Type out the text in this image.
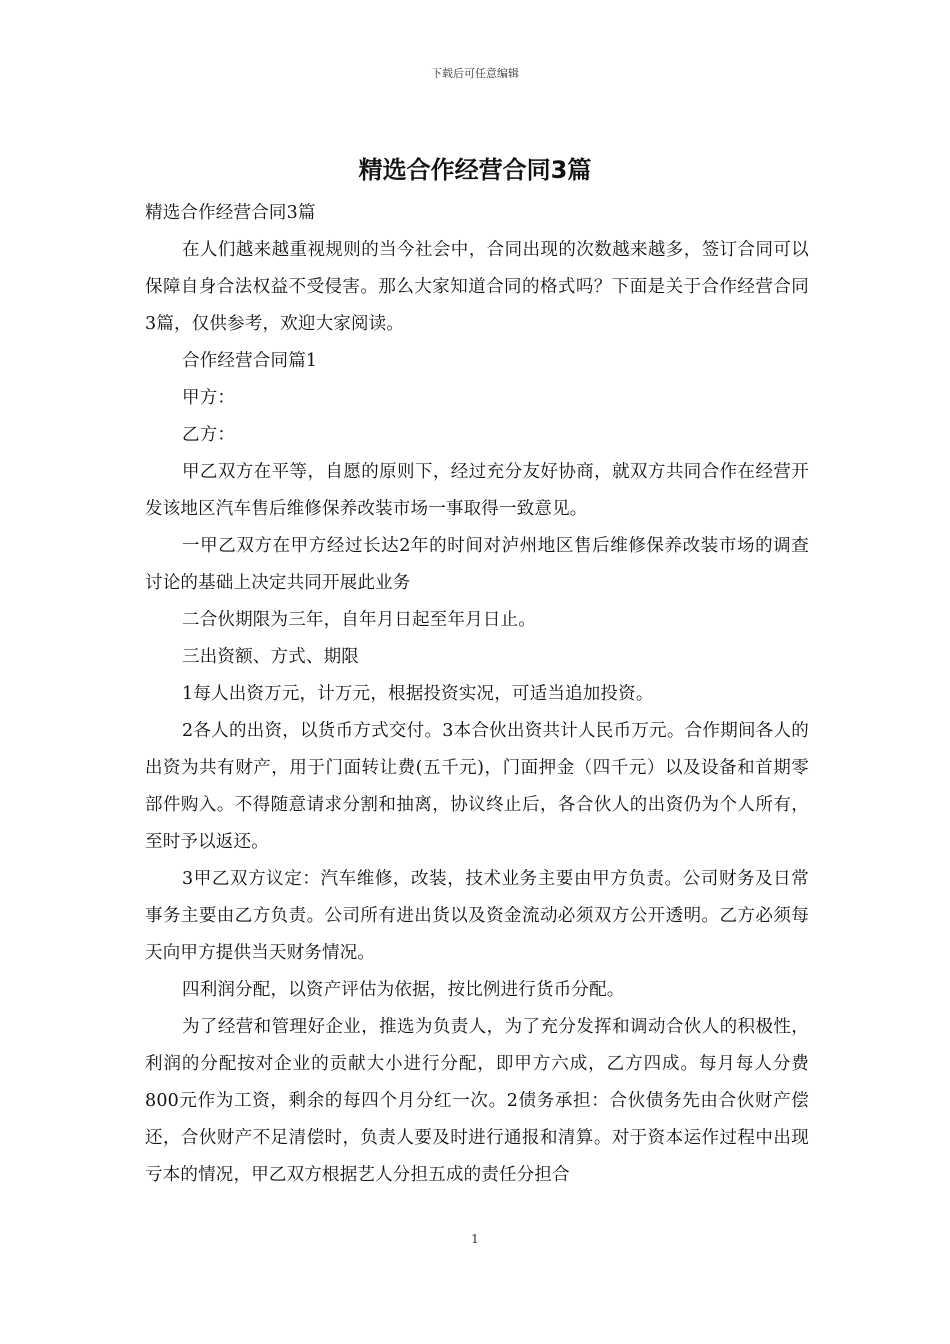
下载后可任意编辑
精选合作经营合同3篇

精选合作经营合同3篇

在人们越来越重视规则的当今社会中，合同出现的次数越来越多，签订合同可以保障自身合法权益不受侵害。那么大家知道合同的格式吗？下面是关于合作经营合同3篇，仅供参考，欢迎大家阅读。

合作经营合同篇1

甲方：

乙方：

甲乙双方在平等，自愿的原则下，经过充分友好协商，就双方共同合作在经营开发该地区汽车售后维修保养改装市场一事取得一致意见。

一甲乙双方在甲方经过长达2年的时间对泸州地区售后维修保养改装市场的调查讨论的基础上决定共同开展此业务

二合伙期限为三年，自年月日起至年月日止。

三出资额、方式、期限

1每人出资万元，计万元，根据投资实况，可适当追加投资。

2各人的出资，以货币方式交付。3本合伙出资共计人民币万元。合作期间各人的出资为共有财产，用于门面转让费(五千元)，门面押金（四千元）以及设备和首期零部件购入。不得随意请求分割和抽离，协议终止后，各合伙人的出资仍为个人所有，至时予以返还。

3甲乙双方议定：汽车维修，改装，技术业务主要由甲方负责。公司财务及日常事务主要由乙方负责。公司所有进出货以及资金流动必须双方公开透明。乙方必须每天向甲方提供当天财务情况。

四利润分配，以资产评估为依据，按比例进行货币分配。

为了经营和管理好企业，推选为负责人，为了充分发挥和调动合伙人的积极性，利润的分配按对企业的贡献大小进行分配，即甲方六成，乙方四成。每月每人分费800元作为工资，剩余的每四个月分红一次。2债务承担：合伙债务先由合伙财产偿还，合伙财产不足清偿时，负责人要及时进行通报和清算。对于资本运作过程中出现亏本的情况，甲乙双方根据艺人分担五成的责任分担合

1
